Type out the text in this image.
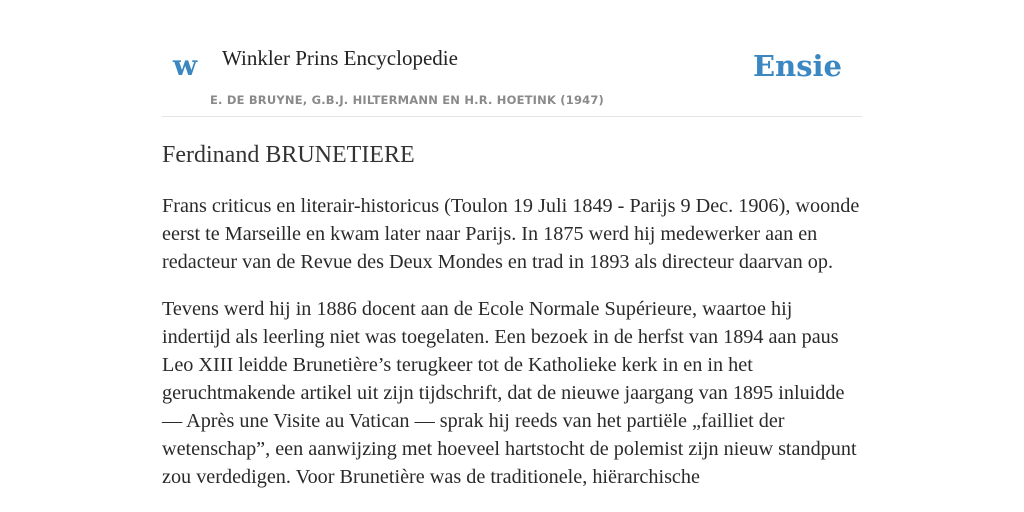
w Winkler Prins Encyclopedie
E. DE BRUYNE, G.B.J. HILTERMANN EN H.R. HOETINK (1947)
Ensie
Ferdinand BRUNETIERE

Frans criticus en literair-historicus (Toulon 19 Juli 1849 - Parijs 9 Dec. 1906), woonde eerst te Marseille en kwam later naar Parijs. In 1875 werd hij medewerker aan en redacteur van de Revue des Deux Mondes en trad in 1893 als directeur daarvan op.

Tevens werd hij in 1886 docent aan de Ecole Normale Supérieure, waartoe hij indertijd als leerling niet was toegelaten. Een bezoek in de herfst van 1894 aan paus Leo XIII leidde Brunetière’s terugkeer tot de Katholieke kerk in en in het geruchtmakende artikel uit zijn tijdschrift, dat de nieuwe jaargang van 1895 inluidde — Après une Visite au Vatican — sprak hij reeds van het partiële „failliet der wetenschap”, een aanwijzing met hoeveel hartstocht de polemist zijn nieuw standpunt zou verdedigen. Voor Brunetière was de traditionele, hiërarchische
